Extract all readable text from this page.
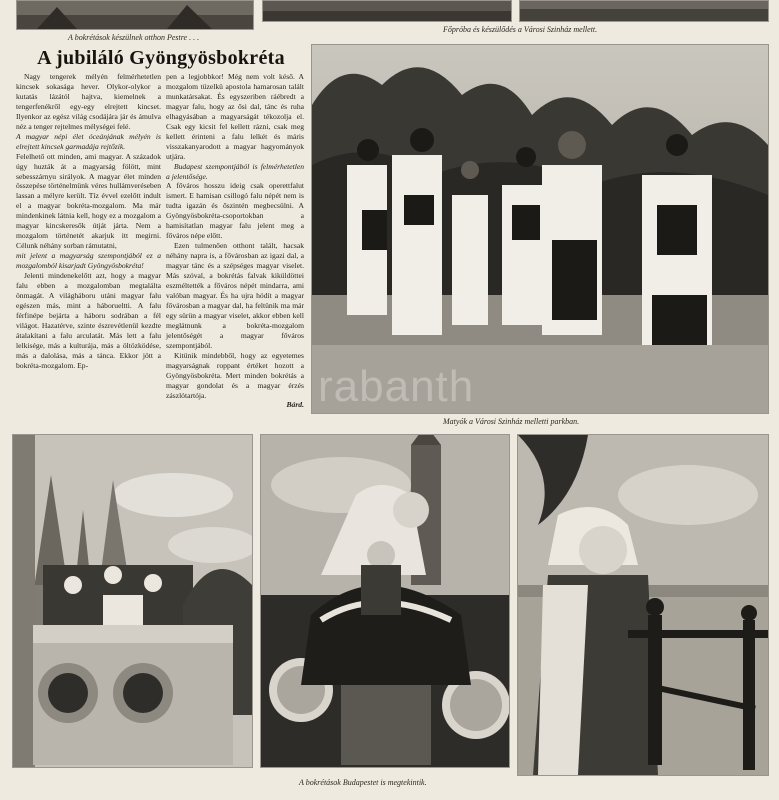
A bokrétások készülnek otthon Pestre . . .
Főpróba és készülődés a Városi Szinház mellett.
A jubiláló Gyöngyösbokréta

Nagy tengerek mélyén felmérhetetlen kincsek sokasága hever. Olykor-olykor a kutatás lázától hajtva, kiemelnek a tengerfenékről egy-egy elrejtett kincset. Ilyenkor az egész világ csodájára jár és ámulva néz a tenger rejtelmes mélységei felé.

A magyar népi élet óceánjának mélyén is elrejtett kincsek garmadája rejtőzik.

Felelhető ott minden, ami magyar. A századok úgy huzták át a magyarság fölött, mint sebesszárnyu sirályok. A magyar élet minden összepése történelmünk véres hullámveréseben lassan a mélyre került. Tíz évvel ezelőtt indult el a magyar bokréta-mozgalom. Ma már mindenkinek látnia kell, hogy ez a mozgalom a magyar kincskeresők útját járta. Nem a mozgalom történetét akarjuk itt megirni. Célunk néhány sorban rámutatni,

mit jelent a magyarság szempontjából ez a mozgalomból kisarjadt Gyöngyösbokréta!

Jelenti mindenekelőtt azt, hogy a magyar falu ebben a mozgalomban megtalálta önmagát. A világháboru utáni magyar falu egészen más, mint a háborueltti. A falu férfinépe bejárta a háboru sodrában a fél világot. Hazatérve, szinte észrevétlenül kezdte átalakítani a falu arculatát. Más lett a falu lelkisége, más a kulturája, más a öltözködése, más a dalolása, más a tánca. Ekkor jött a bokréta-mozgalom. Ep-

pen a legjobbkor! Még nem volt késő. A mozgalom tüzelkü apostola hamarosan talált munkatársakat. És egyszeriben ráébredt a magyar falu, hogy az ősi dal, tánc és ruha elhagyásában a magyarságát tékozolja el. Csak egy kicsit fel kellett rázni, csak meg kellett érinteni a falu lelkét és máris visszakanyarodott a magyar hagyományok utjára.

Budapest szempontjából is felmérhetetlen a jelentősége.

A főváros hosszu ideig csak operettfalut ismert. E hamisan csillogó falu népét nem is tudta igazán és őszintén megbecsülni. A Gyöngyösbokréta-csoportokban a hamisítatlan magyar falu jelent meg a főváros népe előtt.

Ezen tulmenően otthont talált, hacsak néhány napra is, a fővárosban az igazi dal, a magyar tánc és a szépséges magyar viselet. Más szóval, a bokrétás falvak kiküldöttei eszméltették a főváros népét mindarra, ami valóban magyar. És ha ujra hódít a magyar fővárosban a magyar dal, ha feltünik ma már egy sürün a magyar viselet, akkor ebben kell meglátnunk a bokréta-mozgalom jelentőségét a magyar főváros szempontjából.

Kitünik mindebből, hogy az egyetemes magyarságnak roppant értéket hozott a Gyöngyösbokréta. Mert minden bokrétás a magyar gondolat és a magyar érzés zászlótartója.

Bárd. rabanth
Matyók a Városi Szinház melletti parkban.
A bokrétások Budapestet is megtekintik.
